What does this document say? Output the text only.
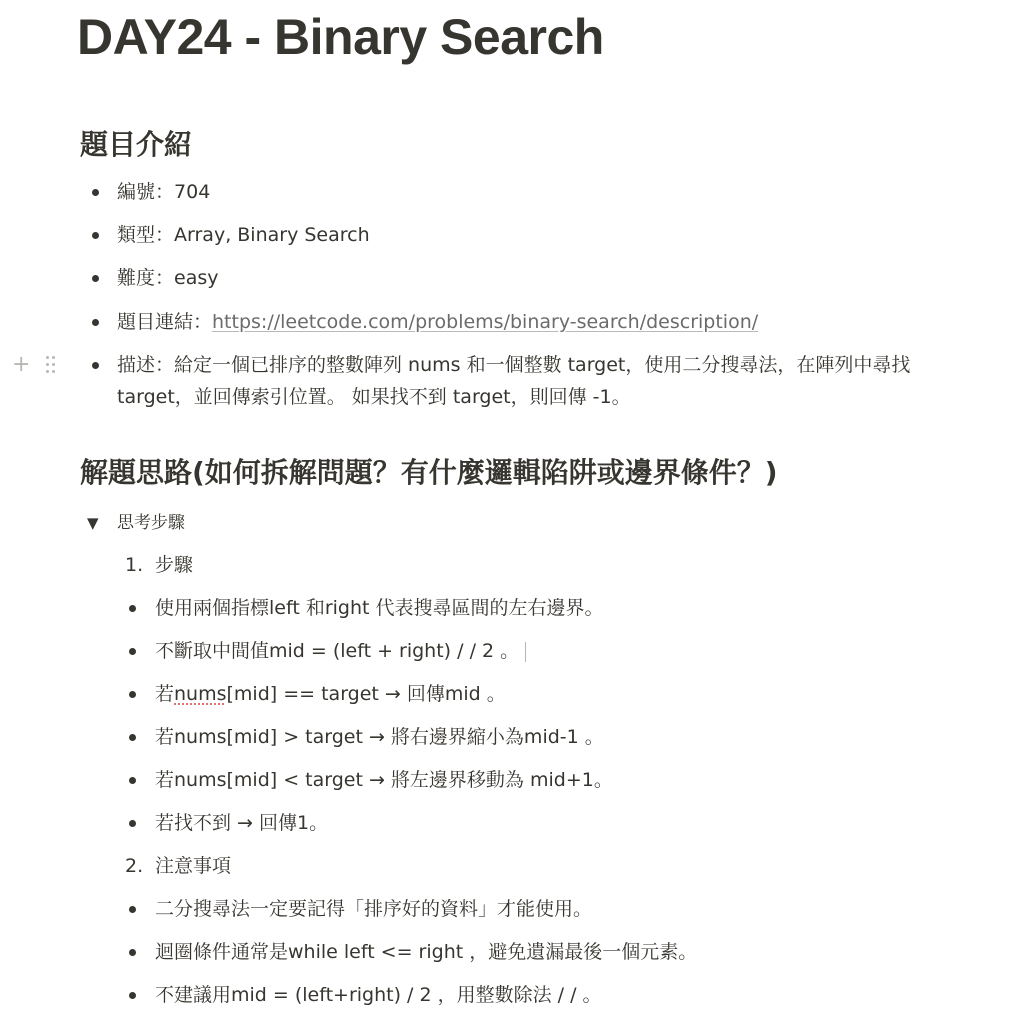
DAY24 - Binary Search
題目介紹
編號：704
類型：Array, Binary Search
難度：easy
題目連結：https://leetcode.com/problems/binary-search/description/
+	描述：給定一個已排序的整數陣列 nums 和一個整數 target，使用二分搜尋法，在陣列中尋找
target，並回傳索引位置。 如果找不到 target，則回傳 -1。
解題思路(如何拆解問題？有什麼邏輯陷阱或邊界條件？)
▼ 思考步驟
1. 步驟
使用兩個指標left 和right 代表搜尋區間的左右邊界。
不斷取中間值mid = (left + right) / / 2 。
若nums[mid] == target → 回傳mid 。
若nums[mid] > target → 將右邊界縮小為mid-1 。
若nums[mid] < target → 將左邊界移動為 mid+1。
若找不到 → 回傳1。
2. 注意事項
二分搜尋法一定要記得「排序好的資料」才能使用。
迴圈條件通常是while left <= right ，避免遺漏最後一個元素。
不建議用mid = (left+right) / 2 ，用整數除法 / / 。
